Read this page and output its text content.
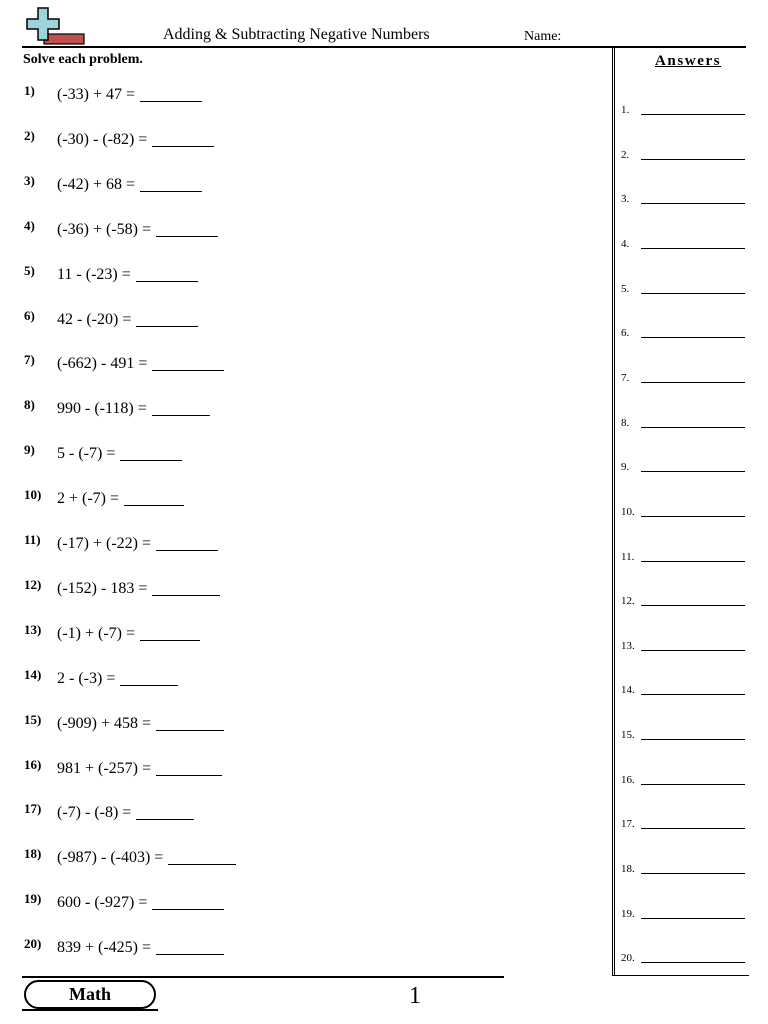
Adding & Subtracting Negative Numbers	Name:
Solve each problem.
1) (-33) + 47 =
2) (-30) - (-82) =
3) (-42) + 68 =
4) (-36) + (-58) =
5) 11 - (-23) =
6) 42 - (-20) =
7) (-662) - 491 =
8) 990 - (-118) =
9) 5 - (-7) =
10) 2 + (-7) =
11) (-17) + (-22) =
12) (-152) - 183 =
13) (-1) + (-7) =
14) 2 - (-3) =
15) (-909) + 458 =
16) 981 + (-257) =
17) (-7) - (-8) =
18) (-987) - (-403) =
19) 600 - (-927) =
20) 839 + (-425) =
Answers
1.
2.
3.
4.
5.
6.
7.
8.
9.
10.
11.
12.
13.
14.
15.
16.
17.
18.
19.
20.
Math	1
